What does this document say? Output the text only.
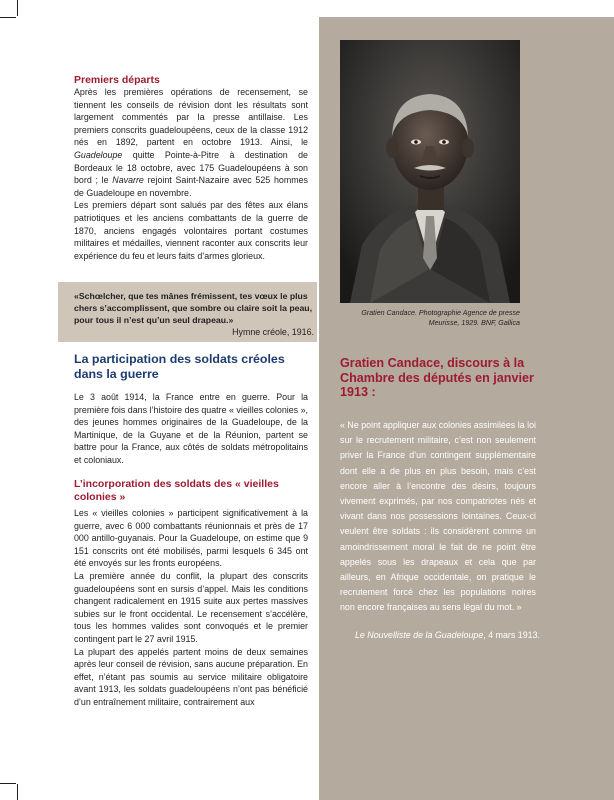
Premiers départs

Après les premières opérations de recensement, se tiennent les conseils de révision dont les résultats sont largement commentés par la presse antillaise. Les premiers conscrits guadeloupéens, ceux de la classe 1912 nés en 1892, partent en octobre 1913. Ainsi, le Guadeloupe quitte Pointe-à-Pitre à destination de Bordeaux le 18 octobre, avec 175 Guadeloupéens à son bord ; le Navarre rejoint Saint-Nazaire avec 525 hommes de Guadeloupe en novembre.

Les premiers départ sont salués par des fêtes aux élans patriotiques et les anciens combattants de la guerre de 1870, anciens engagés volontaires portant costumes militaires et médailles, viennent raconter aux conscrits leur expérience du feu et leurs faits d’armes glorieux.

«Schœlcher, que tes mânes frémissent, tes vœux le plus chers s’accomplissent, que sombre ou claire soit la peau, pour tous il n’est qu’un seul drapeau.»
Hymne créole, 1916.
La participation des soldats créoles dans la guerre
Le 3 août 1914, la France entre en guerre. Pour la première fois dans l’histoire des quatre « vieilles colonies », des jeunes hommes originaires de la Guadeloupe, de la Martinique, de la Guyane et de la Réunion, partent se battre pour la France, aux côtés de soldats métropolitains et coloniaux.
L’incorporation des soldats des « vieilles colonies »

Les « vieilles colonies » participent significativement à la guerre, avec 6 000 combattants réunionnais et près de 17 000 antillo-guyanais. Pour la Guadeloupe, on estime que 9 151 conscrits ont été mobilisés, parmi lesquels 6 345 ont été envoyés sur les fronts européens.

La première année du conflit, la plupart des conscrits guadeloupéens sont en sursis d’appel. Mais les conditions changent radicalement en 1915 suite aux pertes massives subies sur le front occidental. Le recensement s’accélère, tous les hommes valides sont convoqués et le premier contingent part le 27 avril 1915.

La plupart des appelés partent moins de deux semaines après leur conseil de révision, sans aucune préparation. En effet, n’étant pas soumis au service militaire obligatoire avant 1913, les soldats guadeloupéens n’ont pas bénéficié d’un entraînement militaire, contrairement aux

Gratien Candace. Photographie Agence de presse Meurisse, 1929. BNF, Gallica
Gratien Candace, discours à la Chambre des députés en janvier 1913 :

« Ne point appliquer aux colonies assimilées la loi sur le recrutement militaire, c’est non seulement priver la France d’un contingent supplémentaire dont elle a de plus en plus besoin, mais c’est encore aller à l’encontre des désirs, toujours vivement exprimés, par nos compatriotes nés et vivant dans nos possessions lointaines. Ceux-ci veulent être soldats : ils considèrent comme un amoindrissement moral le fait de ne point être appelés sous les drapeaux et cela que par ailleurs, en Afrique occidentale, on pratique le recrutement forcé chez les populations noires non encore françaises au sens légal du mot. »

Le Nouvelliste de la Guadeloupe, 4 mars 1913.
